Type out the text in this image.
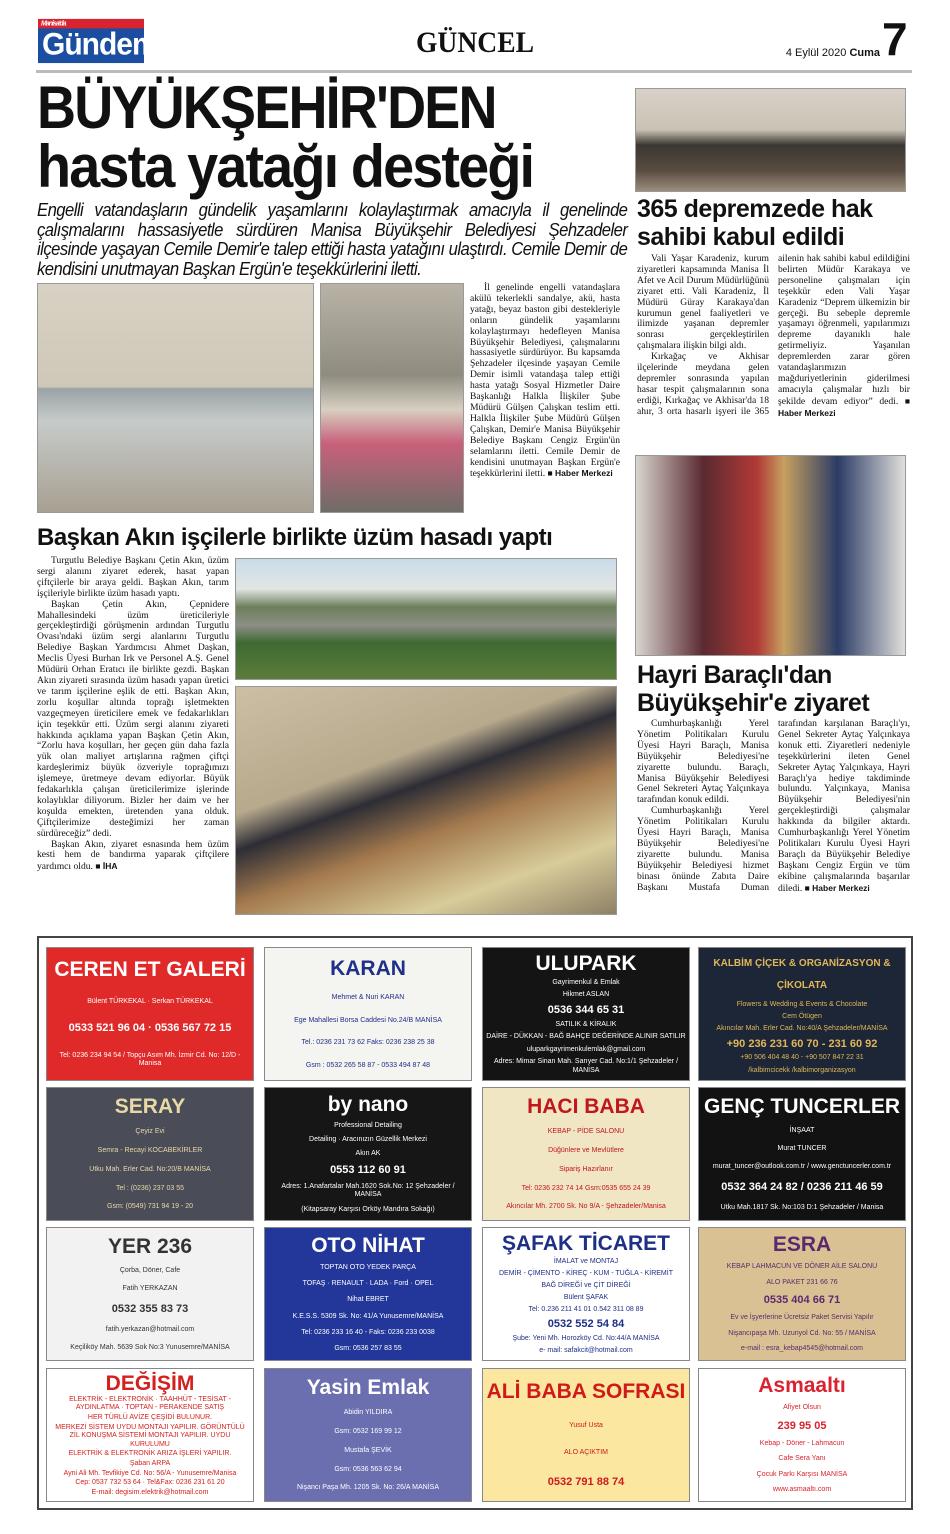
Manisa'da
Gündem	GÜNCEL	4 Eylül 2020 Cuma 7
BÜYÜKŞEHİR'DEN
hasta yatağı desteği
Engelli vatandaşların gündelik yaşamlarını kolaylaştırmak amacıyla il genelinde çalışmalarını hassasiyetle sürdüren Manisa Büyükşehir Belediyesi Şehzadeler ilçesinde yaşayan Cemile Demir'e talep ettiği hasta yatağını ulaştırdı. Cemile Demir de kendisini unutmayan Başkan Ergün'e teşekkürlerini iletti.

İl genelinde engelli vatandaşlara akülü tekerlekli sandalye, akü, hasta yatağı, beyaz baston gibi destekleriyle onların gündelik yaşamlarını kolaylaştırmayı hedefleyen Manisa Büyükşehir Belediyesi, çalışmalarını hassasiyetle sürdürüyor. Bu kapsamda Şehzadeler ilçesinde yaşayan Cemile Demir isimli vatandaşa talep ettiği hasta yatağı Sosyal Hizmetler Daire Başkanlığı Halkla İlişkiler Şube Müdürü Gülşen Çalışkan teslim etti. Halkla İlişkiler Şube Müdürü Gülşen Çalışkan, Demir'e Manisa Büyükşehir Belediye Başkanı Cengiz Ergün'ün selamlarını iletti. Cemile Demir de kendisini unutmayan Başkan Ergün'e teşekkürlerini iletti. ■ Haber Merkezi

Başkan Akın işçilerle birlikte üzüm hasadı yaptı

Turgutlu Belediye Başkanı Çetin Akın, üzüm sergi alanını ziyaret ederek, hasat yapan çiftçilerle bir araya geldi. Başkan Akın, tarım işçileriyle birlikte üzüm hasadı yaptı.

Başkan Çetin Akın, Çepnidere Mahallesindeki üzüm üreticileriyle gerçekleştirdiği görüşmenin ardından Turgutlu Ovası'ndaki üzüm sergi alanlarını Turgutlu Belediye Başkan Yardımcısı Ahmet Daşkan, Meclis Üyesi Burhan Irk ve Personel A.Ş. Genel Müdürü Orhan Eratıcı ile birlikte gezdi. Başkan Akın ziyareti sırasında üzüm hasadı yapan üretici ve tarım işçilerine eşlik de etti. Başkan Akın, zorlu koşullar altında toprağı işletmekten vazgeçmeyen üreticilere emek ve fedakarlıkları için teşekkür etti. Üzüm sergi alanını ziyareti hakkında açıklama yapan Başkan Çetin Akın, “Zorlu hava koşulları, her geçen gün daha fazla yük olan maliyet artışlarına rağmen çiftçi kardeşlerimiz büyük özveriyle toprağımızı işlemeye, üretmeye devam ediyorlar. Büyük fedakarlıkla çalışan üreticilerimize işlerinde kolaylıklar diliyorum. Bizler her daim ve her koşulda emekten, üretenden yana olduk. Çiftçilerimize desteğimizi her zaman sürdüreceğiz” dedi.

Başkan Akın, ziyaret esnasında hem üzüm kesti hem de bandırma yaparak çiftçilere yardımcı oldu. ■ İHA

365 depremzede hak sahibi kabul edildi

Vali Yaşar Karadeniz, kurum ziyaretleri kapsamında Manisa İl Afet ve Acil Durum Müdürlüğünü ziyaret etti. Vali Karadeniz, İl Müdürü Güray Karakaya'dan kurumun genel faaliyetleri ve ilimizde yaşanan depremler sonrası gerçekleştirilen çalışmalara ilişkin bilgi aldı.

Kırkağaç ve Akhisar ilçelerinde meydana gelen depremler sonrasında yapılan hasar tespit çalışmalarının sona erdiği, Kırkağaç ve Akhisar'da 18 ahır, 3 orta hasarlı işyeri ile 365 ailenin hak sahibi kabul edildiğini belirten Müdür Karakaya ve personeline çalışmaları için teşekkür eden Vali Yaşar Karadeniz “Deprem ülkemizin bir gerçeği. Bu sebeple depremle yaşamayı öğrenmeli, yapılarımızı depreme dayanıklı hale getirmeliyiz. Yaşanılan depremlerden zarar gören vatandaşlarımızın mağduriyetlerinin giderilmesi amacıyla çalışmalar hızlı bir şekilde devam ediyor” dedi. ■ Haber Merkezi

Hayri Baraçlı'dan Büyükşehir'e ziyaret

Cumhurbaşkanlığı Yerel Yönetim Politikaları Kurulu Üyesi Hayri Baraçlı, Manisa Büyükşehir Belediyesi'ne ziyarette bulundu. Baraçlı, Manisa Büyükşehir Belediyesi Genel Sekreteri Aytaç Yalçınkaya tarafından konuk edildi.

Cumhurbaşkanlığı Yerel Yönetim Politikaları Kurulu Üyesi Hayri Baraçlı, Manisa Büyükşehir Belediyesi'ne ziyarette bulundu. Manisa Büyükşehir Belediyesi hizmet binası önünde Zabıta Daire Başkanı Mustafa Duman tarafından karşılanan Baraçlı'yı, Genel Sekreter Aytaç Yalçınkaya konuk etti. Ziyaretleri nedeniyle teşekkürlerini ileten Genel Sekreter Aytaç Yalçınkaya, Hayri Baraçlı'ya hediye takdiminde bulundu. Yalçınkaya, Manisa Büyükşehir Belediyesi'nin gerçekleştirdiği çalışmalar hakkında da bilgiler aktardı. Cumhurbaşkanlığı Yerel Yönetim Politikaları Kurulu Üyesi Hayri Baraçlı da Büyükşehir Belediye Başkanı Cengiz Ergün ve tüm ekibine çalışmalarında başarılar diledi. ■ Haber Merkezi

CEREN ET GALERİ
Bülent TÜRKEKAL · Serkan TÜRKEKAL
0533 521 96 04 · 0536 567 72 15
Tel: 0236 234 94 54 / Topçu Asım Mh. İzmir Cd. No: 12/D - Manisa
KARAN
Mehmet & Nuri KARAN
Ege Mahallesi Borsa Caddesi No.24/B MANİSA
Tel.: 0236 231 73 62 Faks: 0236 238 25 38
Gsm : 0532 265 58 87 - 0533 494 87 48
ULUPARK
Gayrimenkul & Emlak
Hikmet ASLAN
0536 344 65 31
SATILIK & KİRALIK
DAİRE - DÜKKAN - BAĞ BAHÇE DEĞERİNDE ALINIR SATILIR
uluparkgayrimenkulemlak@gmail.com
Adres: Mimar Sinan Mah. Sarıyer Cad. No:1/1 Şehzadeler / MANİSA
KALBİM ÇİÇEK & ORGANİZASYON & ÇİKOLATA
Flowers & Wedding & Events & Chocolate
Cem Ötügen
Akıncılar Mah. Erler Cad. No:40/A Şehzadeler/MANİSA
+90 236 231 60 70 - 231 60 92
+90 506 404 48 40 - +90 507 847 22 31
/kalbimcicekk /kalbimorganizasyon
SERAY
Çeyiz Evi
Semra - Recayi KOCABEKİRLER
Utku Mah. Erler Cad. No:20/B MANİSA
Tel : (0236) 237 03 55
Gsm: (0549) 731 94 19 - 20
by nano
Professional Detailing
Detailing · Aracınızın Güzellik Merkezi
Akın AK
0553 112 60 91
Adres: 1.Anafartalar Mah.1620 Sok.No: 12 Şehzadeler / MANİSA
(Kitapsaray Karşısı Orköy Mandıra Sokağı)
HACI BABA
KEBAP - PİDE SALONU
Düğünlere ve Mevlütlere
Sipariş Hazırlanır
Tel: 0236 232 74 14 Gsm:0535 655 24 39
Akıncılar Mh. 2700 Sk. No 9/A - Şehzadeler/Manisa
GENÇ TUNCERLER
İNŞAAT
Murat TUNCER
murat_tuncer@outlook.com.tr / www.genctuncerler.com.tr
0532 364 24 82 / 0236 211 46 59
Utku Mah.1817 Sk. No:103 D:1 Şehzadeler / Manisa
YER 236
Çorba, Döner, Cafe
Fatih YERKAZAN
0532 355 83 73
fatih.yerkazan@hotmail.com
Keçiliköy Mah. 5639 Sok No:3 Yunusemre/MANİSA
OTO NİHAT
TOPTAN OTO YEDEK PARÇA
TOFAŞ · RENAULT · LADA · Ford · OPEL
Nihat EBRET
K.E.S.S. 5309 Sk. No: 41/A Yunusemre/MANİSA
Tel: 0236 233 16 40 - Faks: 0236 233 0038
Gsm: 0536 257 83 55
ŞAFAK TİCARET
İMALAT ve MONTAJ
DEMİR - ÇİMENTO - KİREÇ - KUM - TUĞLA - KİREMİT
BAĞ DİREĞİ ve ÇİT DİREĞİ
Bülent ŞAFAK
Tel: 0.236 211 41 01 0.542 311 08 89
0532 552 54 84
Şube: Yeni Mh. Horozköy Cd. No:44/A MANİSA
e- mail: safakcit@hotmail.com
ESRA
KEBAP LAHMACUN VE DÖNER AİLE SALONU
ALO PAKET 231 66 76
0535 404 66 71
Ev ve İşyerlerine Ücretsiz Paket Servisi Yapılır
Nişancıpaşa Mh. Uzunyol Cd. No: 55 / MANİSA
e-mail : esra_kebap4545@hotmail.com
DEĞİŞİM
ELEKTRİK - ELEKTRONİK · TAAHHÜT - TESİSAT - AYDINLATMA · TOPTAN - PERAKENDE SATIŞ
HER TÜRLÜ AVİZE ÇEŞİDİ BULUNUR.
MERKEZİ SİSTEM UYDU MONTAJI YAPILIR. GÖRÜNTÜLÜ ZİL KONUŞMA SİSTEMİ MONTAJI YAPILIR. UYDU KURULUMU
ELEKTRİK & ELEKTRONİK ARIZA İŞLERİ YAPILIR.
Şaban ARPA
Ayni Ali Mh. Tevfikiye Cd. No: 56/A - Yunusemre/Manisa
Cep: 0537 732 53 64 · Tel&Fax: 0236 231 61 20
E-mail: degisim.elektrik@hotmail.com
Yasin Emlak
Abidin YILDIRA
Gsm: 0532 169 99 12
Mustafa ŞEVİK
Gsm: 0536 563 62 94
Nişancı Paşa Mh. 1205 Sk. No: 26/A MANİSA
ALİ BABA SOFRASI
Yusuf Usta
ALO AÇIKTIM
0532 791 88 74
Asmaaltı
Afiyet Olsun
239 95 05
Kebap - Döner - Lahmacun
Cafe Sera Yanı
Çocuk Parkı Karşısı MANİSA
www.asmaaltı.com
